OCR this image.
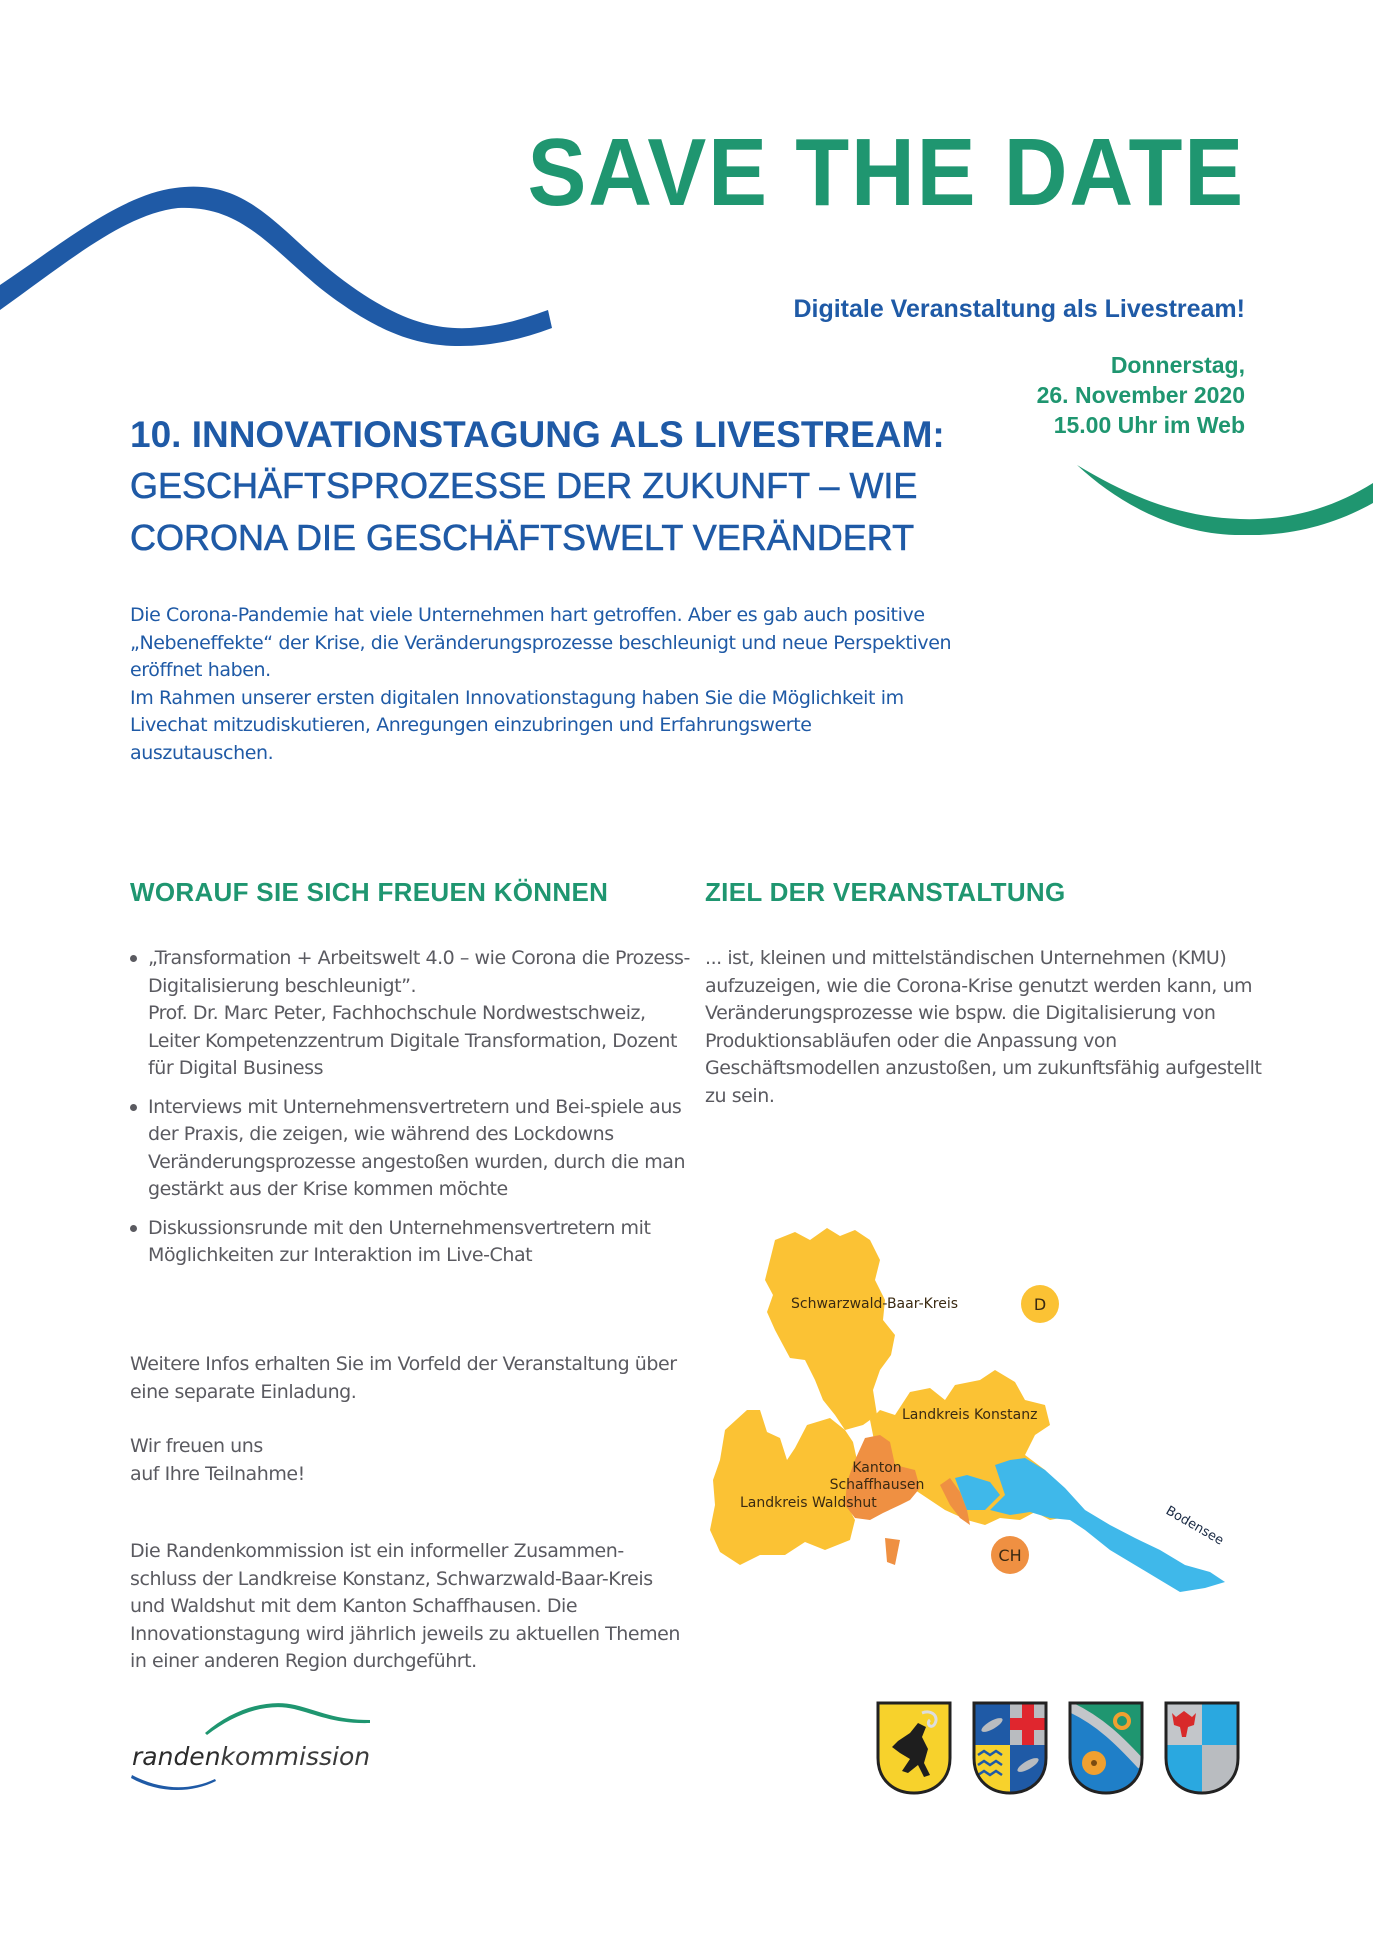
SAVE THE DATE
Digitale Veranstaltung als Livestream!
Donnerstag,
26. November 2020
15.00 Uhr im Web
10. INNOVATIONSTAGUNG ALS LIVESTREAM:
GESCHÄFTSPROZESSE DER ZUKUNFT – WIE
CORONA DIE GESCHÄFTSWELT VERÄNDERT

Die Corona-Pandemie hat viele Unternehmen hart getroffen. Aber es gab auch positive „Nebeneffekte“ der Krise, die Veränderungsprozesse beschleunigt und neue Perspektiven eröffnet haben.

Im Rahmen unserer ersten digitalen Innovationstagung haben Sie die Möglichkeit im Livechat mitzudiskutieren, Anregungen einzubringen und Erfahrungswerte auszutauschen.

WORAUF SIE SICH FREUEN KÖNNEN	ZIEL DER VERANSTALTUNG
„Transformation + Arbeitswelt 4.0 – wie Corona die Prozess-Digitalisierung beschleunigt”.
Prof. Dr. Marc Peter, Fachhochschule Nordwestschweiz, Leiter Kompetenzzentrum Digitale Transformation, Dozent für Digital Business
Interviews mit Unternehmensvertretern und Bei-spiele aus der Praxis, die zeigen, wie während des Lockdowns Veränderungsprozesse angestoßen wurden, durch die man gestärkt aus der Krise kommen möchte
Diskussionsrunde mit den Unternehmensvertretern mit Möglichkeiten zur Interaktion im Live-Chat

... ist, kleinen und mittelständischen Unternehmen (KMU) aufzuzeigen, wie die Corona-Krise genutzt werden kann, um Veränderungsprozesse wie bspw. die Digitalisierung von Produktionsabläufen oder die Anpassung von Geschäftsmodellen anzustoßen, um zukunftsfähig aufgestellt zu sein.

Weitere Infos erhalten Sie im Vorfeld der Veranstaltung über eine separate Einladung.

Wir freuen uns

auf Ihre Teilnahme!

Die Randenkommission ist ein informeller Zusammen-schluss der Landkreise Konstanz, Schwarzwald-Baar-Kreis und Waldshut mit dem Kanton Schaffhausen. Die Innovationstagung wird jährlich jeweils zu aktuellen Themen in einer anderen Region durchgeführt.

randenkommission
Schwarzwald-Baar-Kreis
Landkreis Konstanz
Kanton
Schaffhausen
Landkreis Waldshut
Bodensee
D
CH
